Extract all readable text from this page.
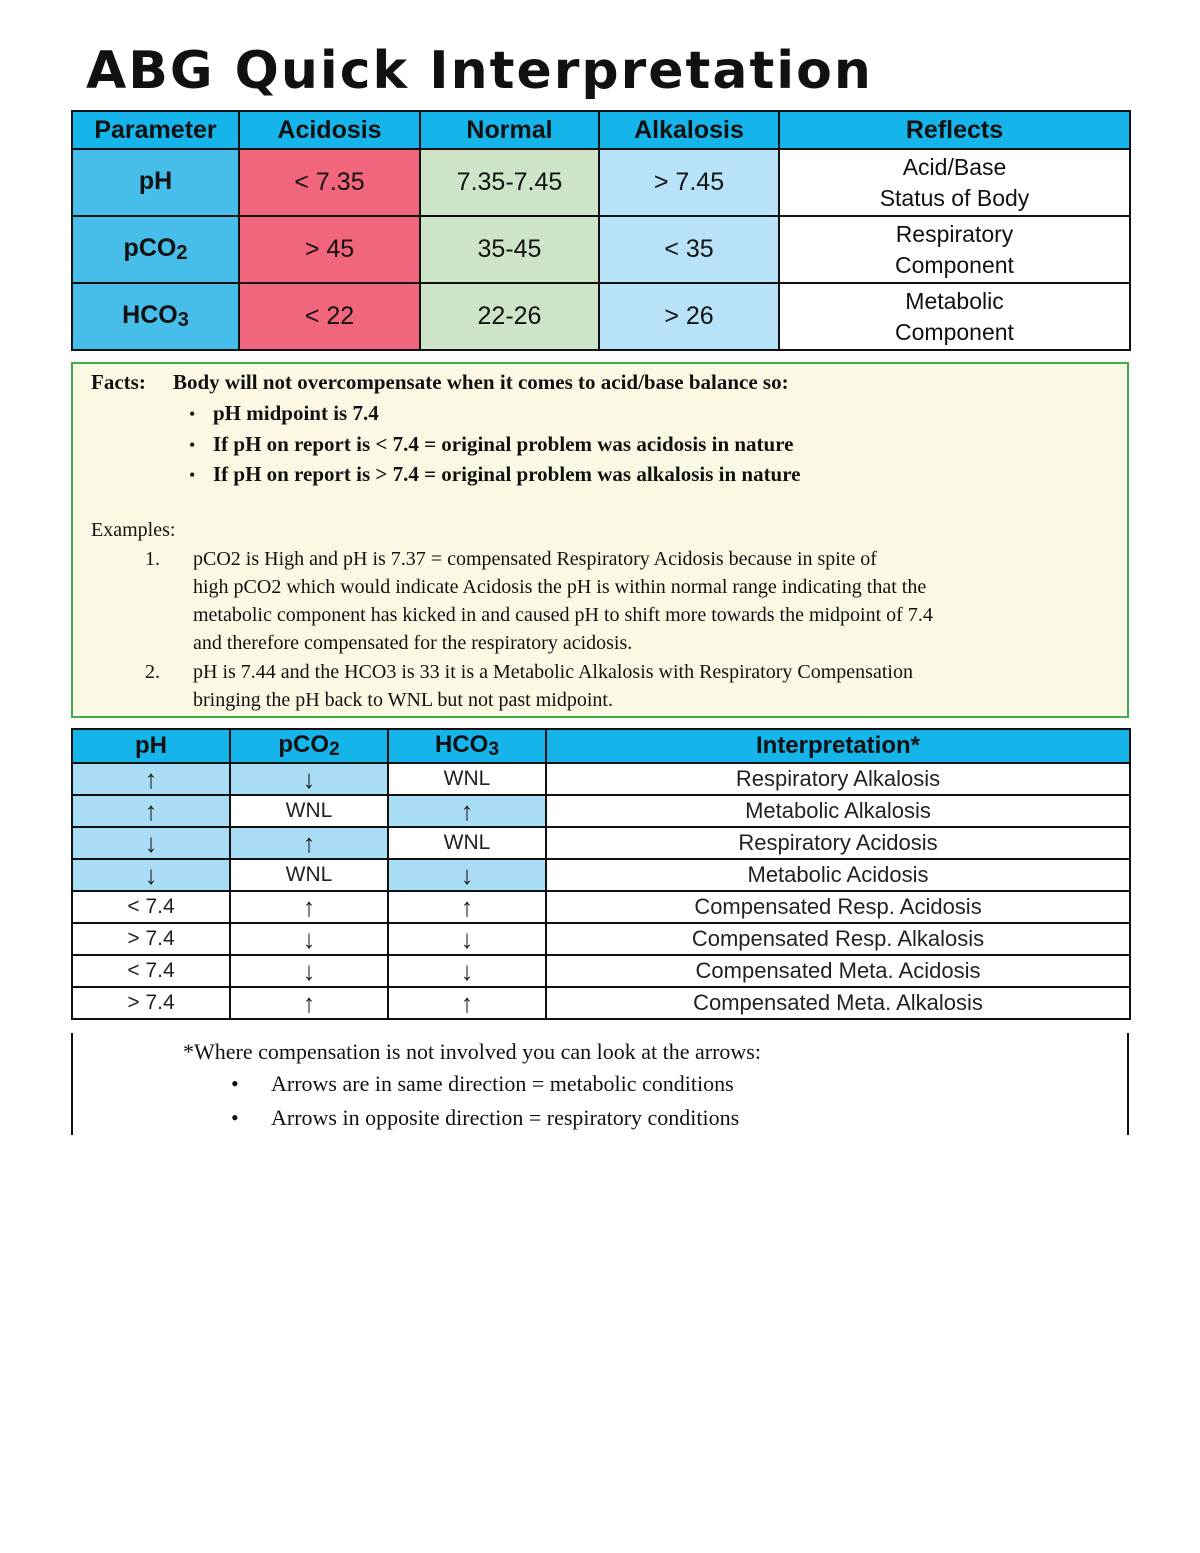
ABG Quick Interpretation
Parameter	Acidosis	Normal	Alkalosis	Reflects
pH	< 7.35	7.35-7.45	> 7.45	Acid/Base
Status of Body

pCO$_2$	> 45	35-45	< 35	Respiratory
Component

$HCO_3$	< 22	22-26	> 26	Metabolic
Component
Facts: Body will not overcompensate when it comes to acid/base balance so:
• pH midpoint is 7.4
• If pH on report is < 7.4 = original problem was acidosis in nature
• If pH on report is > 7.4 = original problem was alkalosis in nature
Examples:
1. pCO2 is High and pH is 7.37 = compensated Respiratory Acidosis because in spite of
high pCO2 which would indicate Acidosis the pH is within normal range indicating that the
metabolic component has kicked in and caused pH to shift more towards the midpoint of 7.4
and therefore compensated for the respiratory acidosis.
2. pH is 7.44 and the HCO3 is 33 it is a Metabolic Alkalosis with Respiratory Compensation
bringing the pH back to WNL but not past midpoint.
pH	pCO$_2$	$HCO_3$	Interpretation*
↑	↓	WNL	Respiratory Alkalosis
↑	WNL	↑	Metabolic Alkalosis
↓	↑	WNL	Respiratory Acidosis
↓	WNL	↓	Metabolic Acidosis
< 7.4	↑	↑	Compensated Resp. Acidosis
> 7.4	↓	↓	Compensated Resp. Alkalosis
< 7.4	↓	↓	Compensated Meta. Acidosis
> 7.4	↑	↑	Compensated Meta. Alkalosis
*Where compensation is not involved you can look at the arrows:
• Arrows are in same direction = metabolic conditions
• Arrows in opposite direction = respiratory conditions
